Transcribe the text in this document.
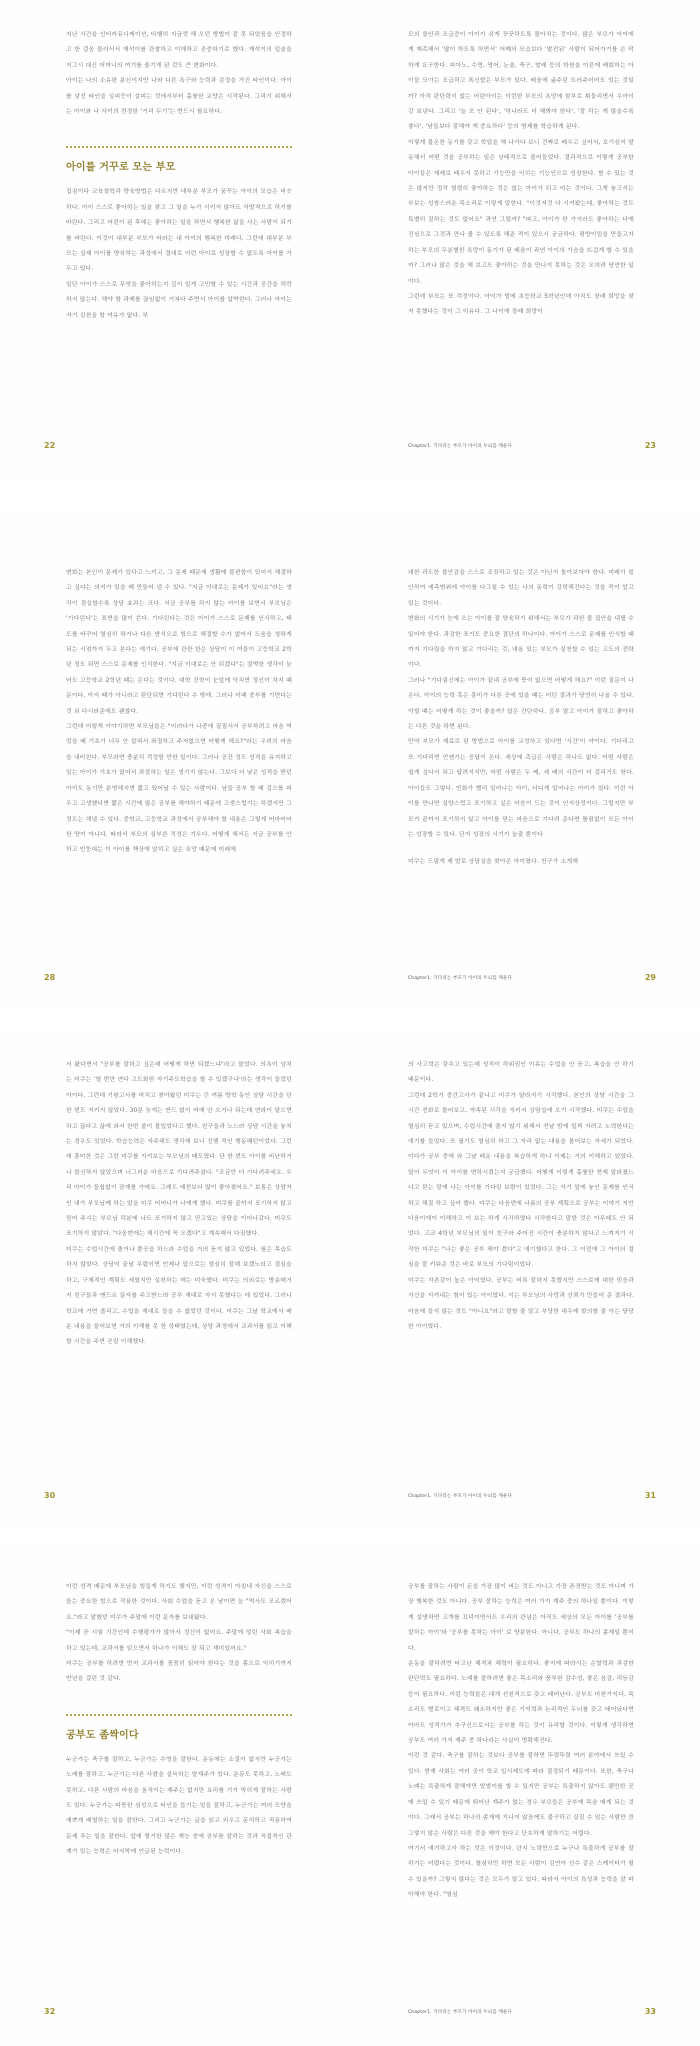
지난 시간을 인터카뮤니케이션, 다행히 지금껏 해 오던 방법이 잘 못 되었음을 인정하고 한 걸음 물러서서 재석이를 관찰하고 이해하고 존중하기로 했다. 재석이의 입술을 지그시 대신 어머니의 여기를 줄기게 된 것도 큰 변화이다.

아이는 나의 소유한 분신이지만 나와 다른 욕구와 능력과 감정을 가진 타인이다. 아이를 낯선 타인을 실피듯이 살피는 것에서부터 홀륭한 교양은 시작된다. 그리기 위해서는 아이와 나 사이의 전정한 '거리 두기'는 반드시 필요하다.

아이를 거꾸로 모는 부모

집짐이다 교육철학과 양육방법은 다르지만 대부분 부모가 꿈꾸는 아이의 모습은 비슷하다. 아이 스스로 좋아하는 일을 찾고 그 일을 누가 시키지 않아도 자발적으로 하기를 바란다. 그리고 어린이 된 후에는 좋아하는 일을 하면서 행복한 삶을 사는 사람이 되기를 바란다. 이것이 대부분 부모가 바라는 내 아이의 행복한 미래다. 그런데 대부분 부모는 실제 아이를 양육하는 과정에서 결대로 이런 아이로 성장할 수 없도록 아이를 가두고 있다.

일단 아이가 스스로 무엇을 좋아하는지 깊이 있게 고민할 수 있는 시간과 공간을 허락하지 않는다. 해야 할 과제를 끊임없이 거쳐다 주면서 아이를 압박한다. 그러나 아이는 자기 실천을 할 여유가 없다. 부

22

모의 불안과 조급증이 아이가 쉬게 꿋꿋하도록 몰아치는 것이다. 많은 부모가 아이에게 재촉해서 '많이 하도록 하면서' 어째의 모습보다 '발전된' 사람이 되어가기를 손 막하게 요구한다. 피아노, 수영, 영어, 논술, 축구, 발레 등의 학원을 이른에 배회하는 아이들 모아는 조급하고 폭신합은 부모가 있다. 배움에 굶주린 트러주어어도 있는 것일까? 아직 판단력이 없는 어린아이는 이런한 부모의 욕망에 함부로 휘둘리면서 우아이강 보낸다. 그리고 '늘 모 안 된다', '하나라도 더 해봐야 한다', '잘 하는 게 많을수록 좋다', '남들보다 잘해야 게 중요하다' 등의 명제를 학습하게 된다.

이렇게 불온한 동기를 갖고 학업을 해 나가다 보니 진짜로 배우고 싶어서, 호기심이 발동해서 어떤 것을 공부하는 일은 상태적으로 줄어들었다. 결과적으로 이렇게 공부한 아이들은 재제로 배우지 못하고 기능만을 익히는 기능인으로 성장한다. 할 수 있는 것은 많지만 정작 열렬히 좋아하는 것은 없는 아이가 되고 마는 것이다. 그게 놓고서는 부보는 성쌍스러운 목소리로 이렇게 말한다. "이것저것 다 시켜봤는데, 좋아하는 것도 특별히 잘하는 것도 없어요" 과연 그럴까? "따고, 아이가 한 가지라도 좋아하는 다에 진심으로 그것과 만나 볼 수 있도록 해준 적이 있으시 궁금하다. 평방이밀을 만들고자 하는 부모의 무분별한 욕망이 동기가 된 배움이 과연 아이의 가슴을 뜨겁게 할 수 있을까? 그러나 많은 것을 해 보고도 좋아하는 것을 만나지 못하는 것은 오히려 당연한 일이다.

그런데 부모는 또 걱정이다. 아이가 밤에 초등학교 5학년인데 아직도 장래 희망을 찾지 못했다는 것이 그 이유다. 그 나이에 장래 희망이

Chapter1. 기다리는 부모가 아이의 두뇌를 깨운다	23

변화는 본인이 문제가 있다고 느끼고, 그 문제 때문에 생활에 불편함이 있어서 해결하고 싶다는 의지가 있을 때 만들어 낼 수 있다. "지금 이대로는 문제가 있어요"라는 생각이 절실할수록 상담 효과는 크다. 지금 공부를 하지 않는 아이를 보면서 부모님은 '기다린다'는 표현을 많이 쓴다. 기다린다는 것은 아이가 스스로 문제를 인식하고, 태도를 바꾸어 열심히 하거나 다른 방식으로 힘으로 해결할 수가 없어서 도움을 청하게 되는 시점까지 두고 본다는 얘기다. 공부에 관한 한은 상담이 이 여들이 고등학교 2학년 정도 되면 스스로 문제를 인식한다. "지금 이대로는 안 되겠다"는 절박한 생각이 늦어도 고등학교 2학년 때는 든다는 것이다. 대학 진학이 눈앞에 닥치면 정신이 차지 때문이다. 아지 때가 아니라고 판단되면 기다린다 수 밖에. 그러나 이때 중부를 기면다는 것 외 다시라준에도 괜찮다.

그런데 이렇게 이야기하면 부모님들은 "이러다가 나중에 질질서서 공부하려고 마음 먹었을 때 기초가 너무 안 잡혀서 좌절하고 주저없으면 어떻게 해요?"라는 우려의 마음을 내비친다. 부모라면 충분히 걱정할 만한 일이다. 그러나 공간 정도 성적을 유지하고 있는 아이가 기초가 없어서 좌절하는 일은 생기지 않는다. 그보다 더 낮은 성적을 받던 아이도 동기만 분명해지면 짧고 있어날 수 있는 사람이다. 남들 공부 할 때 걸으를 피우고 고생했다면 짧은 시간에 많은 공부를 해야하기 때문에 고생스럽기는 하겠지만 그 정도는 해낼 수 있다. 중학교, 고등학교 과정에서 공부해야 할 내용은 그렇게 어마어마한 양이 아니다. 따라서 부모의 심부른 걱정은 기우다. 어떻게 해서든 지금 공부를 안 하고 빈둥대는 이 아이를 책상에 앉히고 싶은 욕망 때문에 미래에

28

대한 과도한 불안감을 스스로 조장하고 있는 것은 아닌지 돌아보아야 한다. 미래가 불안하여 예측범위에 아이를 다그칠 수 있는 나의 동력이 강력해진다는 것을 꼭이 알고 있는 것이다.

변화의 시기가 눈에 오는 아이를 잘 양육하기 위해서는 부모가 과한 불 집안을 내릴 수 있어야 한다. 과감한 포기도 중요한 결단의 하나이다. 아이가 스스로 문제를 인식할 때까지 기다림을 하지 않고 기다리는 것, 내용 있는 부모가 실천할 수 있는 고도의 전략이다.

그러나 "기다림신에는 아이가 끝내 공부에 뜻이 없으면 어떻게 해요?" 이런 질문이 나온다. 아이의 능력 혹은 흥미가 다른 곳에 있을 때는 어딘 결과가 당연히 나올 수 있다. 이럴 때는 어떻게 하는 것이 좋을까? 답은 간단하다. 공부 말고 아이가 잘하고 좋아하는 다른 것을 하면 된다.

만약 부모가 재료로 된 방법으로 아이를 교정하고 있다면 '시간'이 약이다. 기다리고 또 기다리면 언젠가는 응답이 온다. 세상에 촉급은 사람은 하나도 없다. 어떤 사람은 쉽게 싶다서 되고 답려지지만, 어떤 사람은 두 배, 세 배의 시간이 더 걸리기도 한다. 아이들도 그렇다. 빈화가 빨리 일어나는 아이, 더디게 일어나는 아이가 있다. 이런 아이를 만나면 실양스럽고 포기하고 싶은 마음이 드는 것이 인지상정이다. 그럴지만 부모가 끝까지 포기하지 않고 아이를 믿는 마음으로 기다려 준다면 틀림없이 모든 아이는 성장할 수 있다. 단지 성장의 시기가 늘출 뿐이다.

미쿠는 드림게 제 발로 상담실을 찾아온 아이였다. 친구가 소개해

Chapter1. 기다리는 부모가 아이의 두뇌를 깨운다	29

서 왔다면서 "공부를 잘하고 싶은데 어떻게 하면 되겠느냐"라고 물었다. 의욕이 넘치는 미쿠는 '열 번만 연다 고도화한 자기주도학습을 할 수 있겠구나'라는 생각이 들었던 아이다. 그런데 기왕고사를 마치고 찾아왔던 미쿠는 긴 여름 방학 동안 상담 시간을 단 한 번도 지키지 않았다. 30분 늦게는 반드 없이 어에 안 오거나 되는데 연라이 달으면 하고 끊다고 끊에 와서 한번 줄이 불입었다고 했다. 친구들과 노느라 상담 시간을 놓치는 경우도 있었다. 학습능력은 자주해도 생각해 보니 진행 적인 행동패턴이었다. 그런데 흥미한 것은 그런 미쿠를 지켜보는 부모님의 태도였다. 단 한 번도 아이를 비난하거나 불신하지 않았으며 너그러운 마음으로 기다려주셨다. "조금만 더 기다려주세요. 우리 아이가 들쉽없이 잠재를 가에요. 그래도 예전보다 많이 좋아졌어요." 보통은 상담자인 내가 부모님께 하는 말을 미쿠 어머니가 나에게 했다. 미쿠를 끝까지 포기하지 않고 믿어 주시는 부모님 덕분에 나도 포기하지 않고 믿고있는 상담을 이어나갔다. 미쿠도 포기하지 않았다. "다음번에는 해시간에 꼭 오겠다"고 계속해서 다짐했다.

미쿠는 수업시간에 졸거나 뿐곳을 하느라 수업을 거의 듣지 않고 있었다. 필은 목습도 하지 않았다. 상담이 끝날 무렵이면 언제나 앞으로는 열심히 잘해 보겠노라고 결심을 하고, 구체적인 계획도 세웠지만 실천하는 데는 미숙했다. 미쿠는 의외로는 방송매거지 친구들과 맨드르 끌자를 주고받느라 공부 재대로 자지 못했다는 데 있었다. 그러니 학교에 가면 졸리고, 수업을 재대로 들을 수 없었던 것이다. 미쿠는 그날 학교에서 배운 내용을 들어보면 거의 이해를 못 한 상태였는데, 상당 과정에서 교과서를 읽고 이해할 시간을 주면 곧잘 이해했다.

30

의 사고력은 갖추고 있는데 성적이 하위권인 이유는 수업을 안 듣고, 복습을 안 하기 때문이다.

그런데 2학기 중간고사가 끝나고 미쿠가 달라지기 시작했다. 본인의 상담 시간을 그 시간 전화로 물어보고, 약속된 시각을 지키서 상담실에 오기 시작했다. 미쿠는 수업을 열심히 듣고 있으며, 수업시간에 졸지 않기 위해서 전날 밤에 일찍 자려고 노력한다는 얘기를 들었다. 또 필기도 열심히 하고 그 자리 없는 내용을 물어보는 자세가 되었다. 이다가 공부 중에 와 그날 배운 내용을 복습하게 하니 이제는 거의 이해하고 있었다. 달이 무엇이 이 아이를 변하시켰는지 궁금했다. 어떻게 이렇게 홀륭한 현재 달라졌느냐고 묻는 말에 나는 아이를 기다린 보람이 있었다. 그는 자기 앞에 놓인 문제를 인식하고 해결 하고 싶어 했다. 미쿠는 다음번에 나름의 공부 계획으로 공부는 이야기 지만 다음이에이 이해하고 이 보는 하게 시각하였다 시각한다고 말한 것은 아무래도 안 되었다. 고교 4학년 부모님의 일이 친구와 주어진 시간이 충분하지 않다고 느껴지기 시작한 미쿠는 "나는 좋은 공부 해야 겠다"고 얘기했다고 한다. 그 이전에 그 아이의 결심을 잘 키워준 것은 바로 부모의 기다림이었다.

미쿠는 자존감이 높은 아이였다. 공부는 비록 잘하지 못했지만 스스로에 대한 믿음과 자신을 지켜내는 힘이 있는 아이였다. 이는 부모님의 사랑과 신뢰가 만들어 준 결과다. 마음에 들지 않는 것도 "아니요"라고 말할 줄 알고 부당한 대우에 항의할 줄 아는 당당한 아이였다.

Chapter1. 기다리는 부모가 아이의 두뇌를 깨운다	31

이런 성격 때문에 부모님을 힘들게 하기도 했지만, 이런 성격이 아침내 자신을 스스로 돕는 중요한 힘으로 작용한 것이다. 사회 수업을 듣고 온 날이면 늘 "역사도 모르겠어요."라고 말했던 미쿠가 주말에 이런 문자를 보내왔다.

"이제 곧 시험 기간인데 수행평가가 많아서 정신이 없어요. 주말에 밀린 사회 복습을 하고 있는데, 교과서를 읽으면서 하나가 이해도 잘 되고 재미있어요."

미쿠는 공부를 하려면 먼저 교과서를 꼼꼼히 읽어야 한다는 것을 몸으로 익히기까지 반년을 걸린 것 같다.

공부도 좀싹이다

누군가는 축구를 잘하고, 누군가는 수영을 잘한다. 운동에는 소질이 없지만 누군가는 노래를 잘하고, 누군가는 다른 사람을 설득하는 말재주가 있다. 운동도 못하고, 노래도 못하고, 다른 사람의 마음을 움직이는 재주는 없지만 요리를 기가 막히게 잘하는 사람도 있다. 누군가는 따뜻한 심성으로 타인을 돕기는 일을 잘하고, 누군가는 여러 모양을 예쁘게 배열하는 일을 잘한다. 그리고 누군가는 글을 읽고 외우고 문석하고 적용하여 문제 푸는 일을 잘한다. 앞에 열거한 많은 재능 중에 공부를 잘하는 것과 직접적인 관계가 있는 능력은 마지막에 언급된 능력이다.

32

공부를 잘하는 사람이 돈을 가장 많이 버는 것도 아니고 가장 존경받는 것도 아니며 가장 행복한 것도 아니다. 공부 잘하는 능력은 여러 가지 재주 중의 하나일 뿐이다. 이렇게 설명하면 고개를 끄덕이면서도 우리의 관념은 아직도 세상의 모든 아이를 '공부를 잘하는 아이'와 '공부를 못하는 아이' 로 양분한다. 아니다, 공부도 하나의 좀재일 뿐이다.

운동을 잘하려면 타고난 체격과 체력이 필요하다. 좋지에 따라서는 순발력과 과감한 판단력도 필요하다. 노래를 잘하려면 좋은 목소리와 풍부한 감수성, 좋은 음감, 리듬감 등이 필요하다. 이런 능력들은 대개 선천적으로 갖고 태어난다. 공부도 마찬가지다. 목소리도 별로이고 체격도 왜소하지만 좋은 기억력과 논리적인 두뇌를 갖고 태어났다면 아마도 성적가가 추구신으로서는 공부를 하는 것이 유리할 것이다. 이렇게 생각하면 공부도 여러 가지 재주 중 하나라는 사실이 명확해진다.

이런 것 같다. 축구를 잘하는 것보다 공부를 잘하면 뚜렷뚜렷 여러 분야에서 쓰일 수 있다. 현재 사회는 여러 곳이 학교 입시제도에 따라 결정되기 때문이다. 또한, 축구나 노래는 특출하게 잘해야만 밥벌이를 할 수 있지만 공부는 특출하지 않아도 웬만한 곳에 쓰일 수 있기 때문에 뛰어난 재주가 없는 경우 부모들은 공부에 목숨 매게 되는 것이다. 그래서 공부는 하나의 좀재에 지나지 않음에도 불구하고 실질 수 있는 사람만 큼 그렇지 않은 사람은 다른 것을 해야 한다고 단호하게 말하기는 어렵다.

여기서 얘기하고자 하는 것은 이것이다. 단지 노력만으로 누구나 특출하게 공부를 잘하기는 어렵다는 것이다. 열심히만 하면 모든 사람이 김연아 선수 같은 스케이터가 될 수 있을까? 그렇지 않다는 것은 모두가 알고 있다. 따라서 아이의 특성과 능력을 잘 파악해야 한다. "열심

Chapter1. 기다리는 부모가 아이의 두뇌를 깨운다	33
